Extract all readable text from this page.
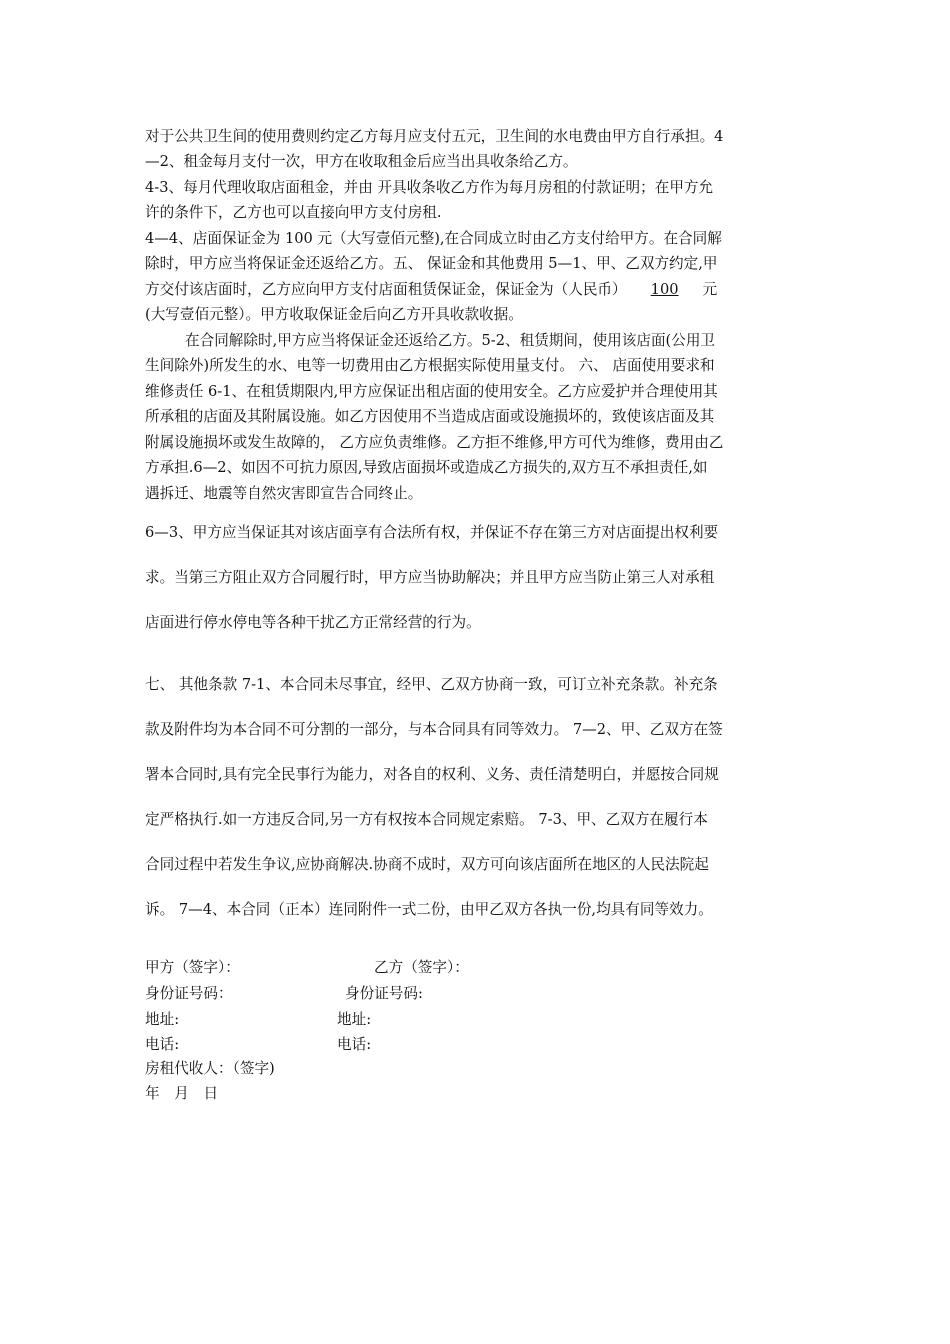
对于公共卫生间的使用费则约定乙方每月应支付五元，卫生间的水电费由甲方自行承担。4
—2、租金每月支付一次，甲方在收取租金后应当出具收条给乙方。
4-3、每月代理收取店面租金，并由 开具收条收乙方作为每月房租的付款证明；在甲方允
许的条件下，乙方也可以直接向甲方支付房租.
4—4、店面保证金为 100 元（大写壹佰元整),在合同成立时由乙方支付给甲方。在合同解
除时，甲方应当将保证金还返给乙方。五、 保证金和其他费用 5—1、甲、乙双方约定,甲
方交付该店面时，乙方应向甲方支付店面租赁保证金，保证金为（人民币） 100 元
(大写壹佰元整）。甲方收取保证金后向乙方开具收款收据。
在合同解除时,甲方应当将保证金还返给乙方。5-2、租赁期间，使用该店面(公用卫
生间除外)所发生的水、电等一切费用由乙方根据实际使用量支付。 六、 店面使用要求和
维修责任 6-1、在租赁期限内,甲方应保证出租店面的使用安全。乙方应爱护并合理使用其
所承租的店面及其附属设施。如乙方因使用不当造成店面或设施损坏的，致使该店面及其
附属设施损坏或发生故障的， 乙方应负责维修。乙方拒不维修,甲方可代为维修，费用由乙
方承担.6—2、如因不可抗力原因,导致店面损坏或造成乙方损失的,双方互不承担责任,如
遇拆迁、地震等自然灾害即宣告合同终止。
6—3、甲方应当保证其对该店面享有合法所有权，并保证不存在第三方对店面提出权利要
求。当第三方阻止双方合同履行时，甲方应当协助解决；并且甲方应当防止第三人对承租
店面进行停水停电等各种干扰乙方正常经营的行为。
七、 其他条款 7-1、本合同未尽事宜，经甲、乙双方协商一致，可订立补充条款。补充条
款及附件均为本合同不可分割的一部分，与本合同具有同等效力。 7—2、甲、乙双方在签
署本合同时,具有完全民事行为能力，对各自的权利、义务、责任清楚明白，并愿按合同规
定严格执行.如一方违反合同,另一方有权按本合同规定索赔。 7-3、甲、乙双方在履行本
合同过程中若发生争议,应协商解决.协商不成时，双方可向该店面所在地区的人民法院起
诉。 7—4、本合同（正本）连同附件一式二份，由甲乙双方各执一份,均具有同等效力。
甲方（签字）：	乙方（签字）：
身份证号码：	身份证号码:
地址:	地址:
电话:	电话:
房租代收人：（签字)
年 月 日
